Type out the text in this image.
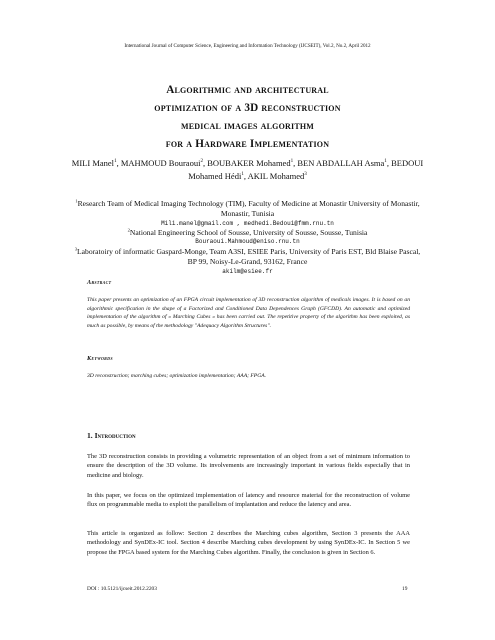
International Journal of Computer Science, Engineering and Information Technology (IJCSEIT), Vol.2, No.2, April 2012
Algorithmic and architectural
optimization of a 3D reconstruction
medical images algorithm
for a Hardware Implementation
MILI Manel$^1$, MAHMOUD Bouraoui$^2$, BOUBAKER Mohamed$^1$, BEN ABDALLAH Asma$^1$, BEDOUI Mohamed Hédi$^1$, AKIL Mohamed$^3$
$^1$Research Team of Medical Imaging Technology (TIM), Faculty of Medicine at Monastir University of Monastir, Monastir, Tunisia
Mili.manel@gmail.com , medhedi.Bedoui@fmm.rnu.tn
$^2$National Engineering School of Sousse, University of Sousse, Sousse, Tunisia
Bouraoui.Mahmoud@eniso.rnu.tn
$^3$Laboratoiry of informatic Gaspard-Monge, Team A3SI, ESIEE Paris, University of Paris EST, Bld Blaise Pascal, BP 99, Noisy-Le-Grand, 93162, France
akilm@esiee.fr
Abstract
This paper presents an optimization of an FPGA circuit implementation of 3D reconstruction algorithm of medicals images. It is based on an algorithmic specification in the shape of a Factorized and Conditioned Data Dependences Graph (GFCDD). An automatic and optimized implementation of the algorithm of « Marching Cubes » has been carried out. The repetitive property of the algorithm has been exploited, as much as possible, by means of the methodology "Adequacy Algorithm Structures".
Keywords
3D reconstruction; marching cubes; optimization implementation; AAA; FPGA.
1. Introduction
The 3D reconstruction consists in providing a volumetric representation of an object from a set of minimum information to ensure the description of the 3D volume. Its involvements are increasingly important in various fields especially that in medicine and biology.
In this paper, we focus on the optimized implementation of latency and resource material for the reconstruction of volume flux on programmable media to exploit the parallelism of implantation and reduce the latency and area.
This article is organized as follow: Section 2 describes the Marching cubes algorithm, Section 3 presents the AAA methodology and SynDEx-IC tool. Section 4 describe Marching cubes development by using SynDEx-IC. In Section 5 we propose the FPGA based system for the Marching Cubes algorithm. Finally, the conclusion is given in Section 6.
DOI : 10.5121/ijcseit.2012.2203	19
